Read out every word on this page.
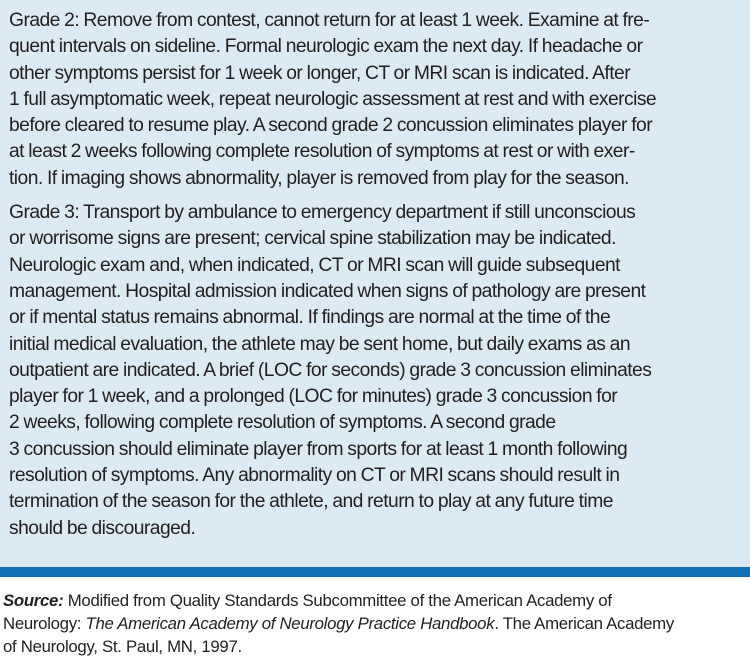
Grade 2: Remove from contest, cannot return for at least 1 week. Examine at fre-
quent intervals on sideline. Formal neurologic exam the next day. If headache or
other symptoms persist for 1 week or longer, CT or MRI scan is indicated. After
1 full asymptomatic week, repeat neurologic assessment at rest and with exercise
before cleared to resume play. A second grade 2 concussion eliminates player for
at least 2 weeks following complete resolution of symptoms at rest or with exer-
tion. If imaging shows abnormality, player is removed from play for the season.

Grade 3: Transport by ambulance to emergency department if still unconscious
or worrisome signs are present; cervical spine stabilization may be indicated.
Neurologic exam and, when indicated, CT or MRI scan will guide subsequent
management. Hospital admission indicated when signs of pathology are present
or if mental status remains abnormal. If findings are normal at the time of the
initial medical evaluation, the athlete may be sent home, but daily exams as an
outpatient are indicated. A brief (LOC for seconds) grade 3 concussion eliminates
player for 1 week, and a prolonged (LOC for minutes) grade 3 concussion for
2 weeks, following complete resolution of symptoms. A second grade
3 concussion should eliminate player from sports for at least 1 month following
resolution of symptoms. Any abnormality on CT or MRI scans should result in
termination of the season for the athlete, and return to play at any future time
should be discouraged.

Source: Modified from Quality Standards Subcommittee of the American Academy of
Neurology: The American Academy of Neurology Practice Handbook. The American Academy
of Neurology, St. Paul, MN, 1997.
